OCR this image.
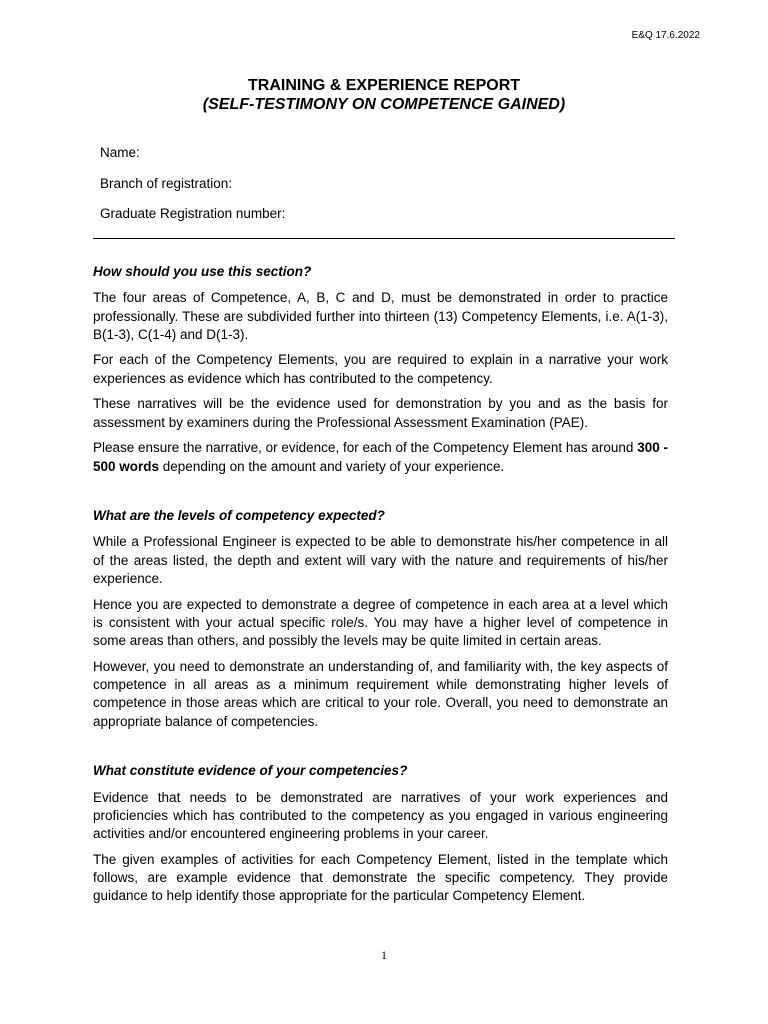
E&Q 17.6.2022

TRAINING & EXPERIENCE REPORT

(SELF-TESTIMONY ON COMPETENCE GAINED)

Name:
Branch of registration:
Graduate Registration number:

How should you use this section?

The four areas of Competence, A, B, C and D, must be demonstrated in order to practice professionally. These are subdivided further into thirteen (13) Competency Elements, i.e. A(1-3), B(1-3), C(1-4) and D(1-3).

For each of the Competency Elements, you are required to explain in a narrative your work experiences as evidence which has contributed to the competency.

These narratives will be the evidence used for demonstration by you and as the basis for assessment by examiners during the Professional Assessment Examination (PAE).

Please ensure the narrative, or evidence, for each of the Competency Element has around 300 - 500 words depending on the amount and variety of your experience.

What are the levels of competency expected?

While a Professional Engineer is expected to be able to demonstrate his/her competence in all of the areas listed, the depth and extent will vary with the nature and requirements of his/her experience.

Hence you are expected to demonstrate a degree of competence in each area at a level which is consistent with your actual specific role/s. You may have a higher level of competence in some areas than others, and possibly the levels may be quite limited in certain areas.

However, you need to demonstrate an understanding of, and familiarity with, the key aspects of competence in all areas as a minimum requirement while demonstrating higher levels of competence in those areas which are critical to your role. Overall, you need to demonstrate an appropriate balance of competencies.

What constitute evidence of your competencies?

Evidence that needs to be demonstrated are narratives of your work experiences and proficiencies which has contributed to the competency as you engaged in various engineering activities and/or encountered engineering problems in your career.

The given examples of activities for each Competency Element, listed in the template which follows, are example evidence that demonstrate the specific competency. They provide guidance to help identify those appropriate for the particular Competency Element.

1
